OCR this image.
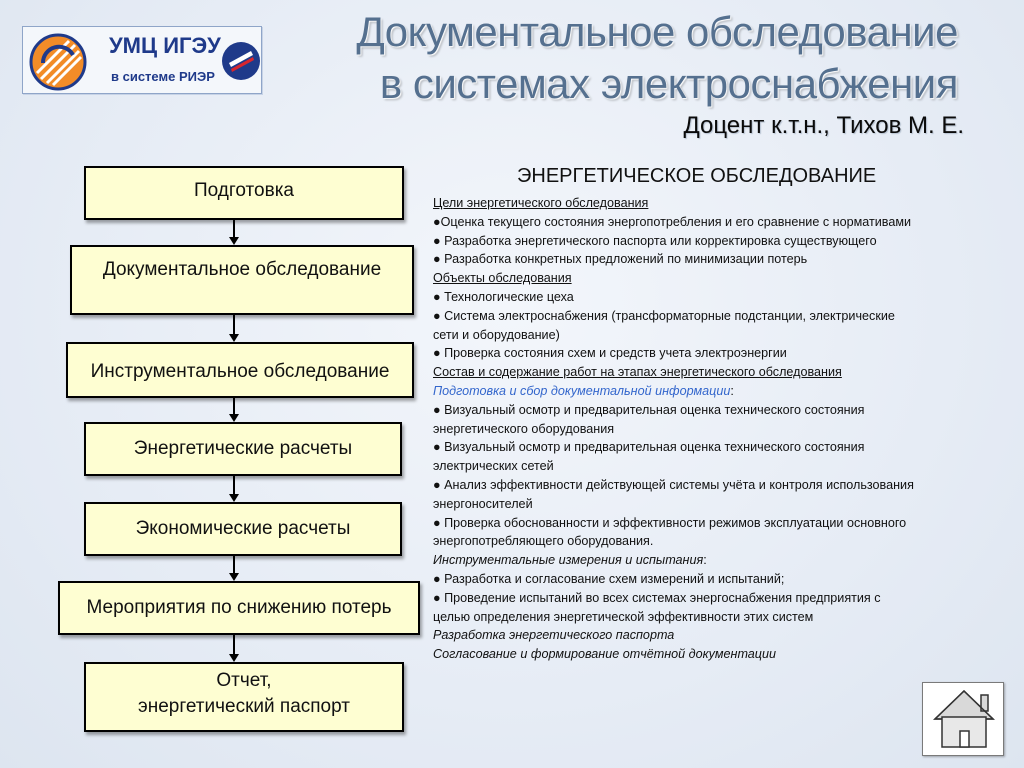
УМЦ ИГЭУ
в системе РИЭР
Документальное обследование
в системах электроснабжения
Доцент к.т.н., Тихов М. Е.
Подготовка
Документальное обследование
Инструментальное обследование
Энергетические расчеты
Экономические расчеты
Мероприятия по снижению потерь
Отчет,
энергетический паспорт
ЭНЕРГЕТИЧЕСКОЕ ОБСЛЕДОВАНИЕ
Цели энергетического обследования
●Оценка текущего состояния энергопотребления и его сравнение с нормативами
● Разработка энергетического паспорта или корректировка существующего
● Разработка конкретных предложений по минимизации потерь
Объекты обследования
● Технологические цеха
● Система электроснабжения (трансформаторные подстанции, электрические
сети и оборудование)
● Проверка состояния схем и средств учета электроэнергии
Состав и содержание работ на этапах энергетического обследования
Подготовка и сбор документальной информации:
● Визуальный осмотр и предварительная оценка технического состояния
энергетического оборудования
● Визуальный осмотр и предварительная оценка технического состояния
электрических сетей
● Анализ эффективности действующей системы учёта и контроля использования
энергоносителей
● Проверка обоснованности и эффективности режимов эксплуатации основного
энергопотребляющего оборудования.
Инструментальные измерения и испытания:
● Разработка и согласование схем измерений и испытаний;
● Проведение испытаний во всех системах энергоснабжения предприятия с
целью определения энергетической эффективности этих систем
Разработка энергетического паспорта
Согласование и формирование отчётной документации
